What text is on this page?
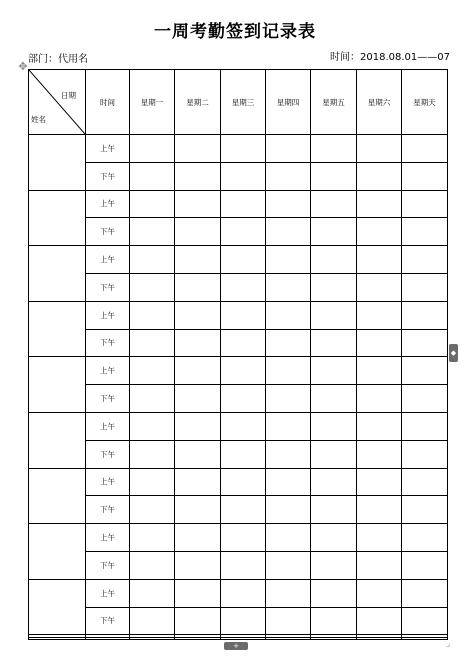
一周考勤签到记录表
部门：代用名	时间：2018.08.01——07
✥
日期
姓名	时间	星期一	星期二	星期三	星期四	星期五	星期六	星期天
	上午							
	下午							
	上午							
	下午							
	上午							
	下午							
	上午							
	下午							
	上午							
	下午							
	上午							
	下午							
	上午							
	下午							
	上午							
	下午							
	上午							
	下午							

◆
+	⌟
